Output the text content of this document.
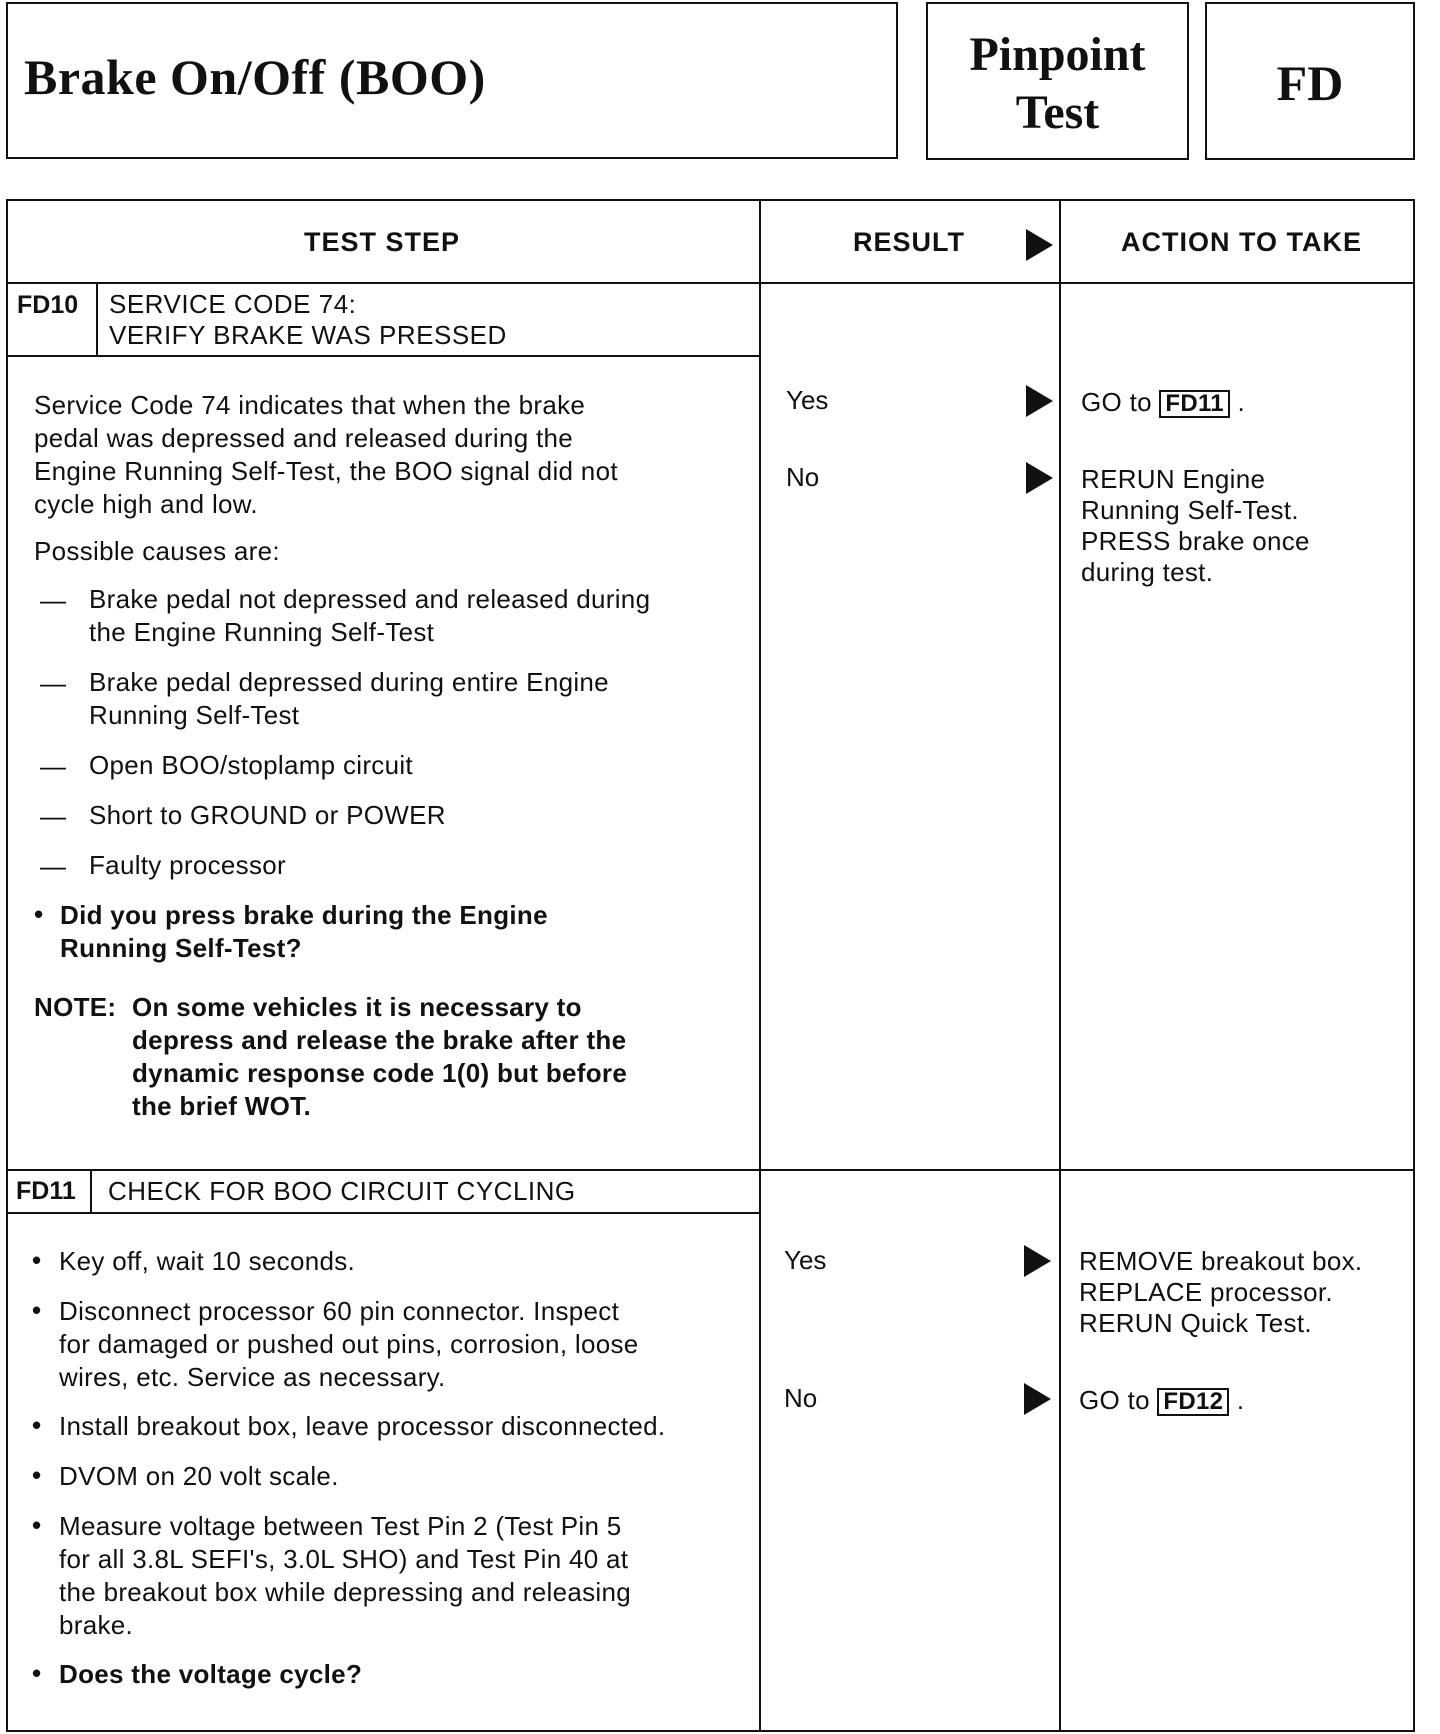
Brake On/Off (BOO)	Pinpoint
Test
FD
TEST STEP	RESULT	ACTION TO TAKE
FD10 SERVICE CODE 74:
VERIFY BRAKE WAS PRESSED
Service Code 74 indicates that when the brake
pedal was depressed and released during the
Engine Running Self-Test, the BOO signal did not
cycle high and low.
Possible causes are:
— Brake pedal not depressed and released during
the Engine Running Self-Test
— Brake pedal depressed during entire Engine
Running Self-Test
— Open BOO/stoplamp circuit
— Short to GROUND or POWER
— Faulty processor
• Did you press brake during the Engine
Running Self-Test?
NOTE: On some vehicles it is necessary to
depress and release the brake after the
dynamic response code 1(0) but before
the brief WOT.
Yes	GO to FD11 .
No	RERUN Engine
Running Self-Test.
PRESS brake once
during test.
FD11 CHECK FOR BOO CIRCUIT CYCLING
• Key off, wait 10 seconds.
• Disconnect processor 60 pin connector. Inspect
for damaged or pushed out pins, corrosion, loose
wires, etc. Service as necessary.
• Install breakout box, leave processor disconnected.
• DVOM on 20 volt scale.
• Measure voltage between Test Pin 2 (Test Pin 5
for all 3.8L SEFI's, 3.0L SHO) and Test Pin 40 at
the breakout box while depressing and releasing
brake.
• Does the voltage cycle?
Yes	REMOVE breakout box.
REPLACE processor.
RERUN Quick Test.
No	GO to FD12 .
